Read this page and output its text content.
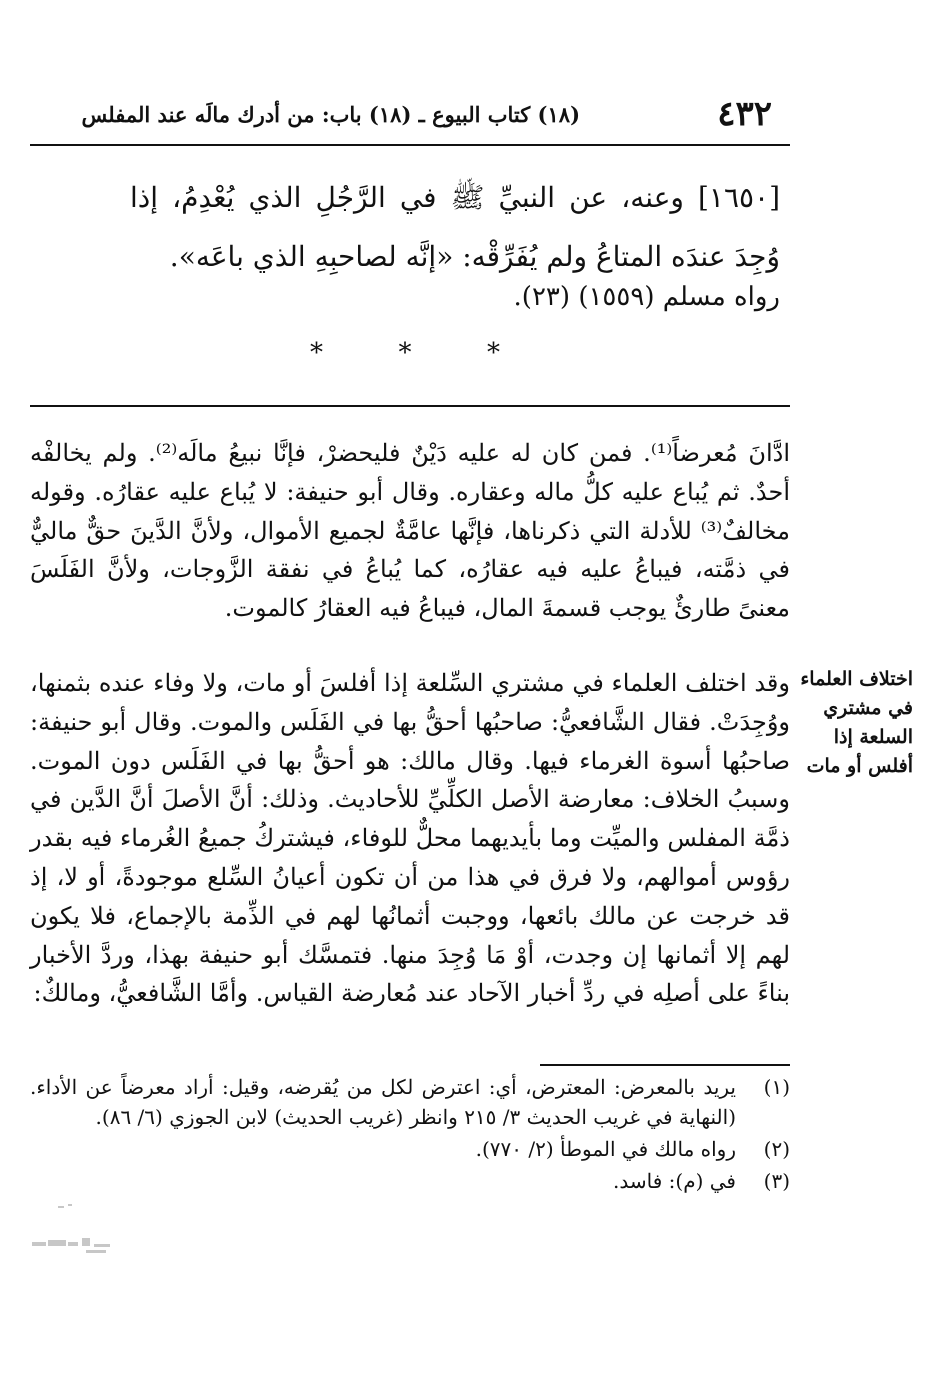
٤٣٢
(١٨) كتاب البيوع ـ (١٨) باب: من أدرك مالَه عند المفلس

[١٦٥٠] وعنه، عن النبيِّ ﷺ في الرَّجُلِ الذي يُعْدِمُ، إذا وُجِدَ عندَه المتاعُ ولم يُفَرِّقْه: «إنَّه لصاحبِهِ الذي باعَه».

رواه مسلم (١٥٥٩) (٢٣).
*	*	*

ادَّانَ مُعرضاً⁽¹⁾. فمن كان له عليه دَيْنٌ فليحضرْ، فإنَّا نبيعُ مالَه⁽²⁾. ولم يخالفْه أحدٌ. ثم يُباع عليه كلُّ ماله وعقاره. وقال أبو حنيفة: لا يُباع عليه عقارُه. وقوله مخالفٌ⁽³⁾ للأدلة التي ذكرناها، فإنَّها عامَّةٌ لجميع الأموال، ولأنَّ الدَّينَ حقٌّ ماليٌّ في ذمَّته، فيباعُ عليه فيه عقارُه، كما يُباعُ في نفقة الزَّوجات، ولأنَّ الفَلَسَ معنىً طارئٌ يوجب قسمةَ المال، فيباعُ فيه العقارُ كالموت.

اختلاف العلماء في مشتري السلعة إذا أفلس أو مات

وقد اختلف العلماء في مشتري السِّلعة إذا أفلسَ أو مات، ولا وفاء عنده بثمنها، ووُجِدَتْ. فقال الشَّافعيُّ: صاحبُها أحقُّ بها في الفَلَس والموت. وقال أبو حنيفة: صاحبُها أسوة الغرماء فيها. وقال مالك: هو أحقُّ بها في الفَلَس دون الموت. وسببُ الخلاف: معارضة الأصل الكلِّيِّ للأحاديث. وذلك: أنَّ الأصلَ أنَّ الدَّين في ذمَّة المفلس والميِّت وما بأيديهما محلٌّ للوفاء، فيشتركُ جميعُ الغُرماء فيه بقدر رؤوس أموالهم، ولا فرق في هذا من أن تكون أعيانُ السِّلع موجودةً، أو لا، إذ قد خرجت عن مالك بائعها، ووجبت أثمانُها لهم في الذِّمة بالإجماع، فلا يكون لهم إلا أثمانها إن وجدت، أوْ مَا وُجِدَ منها. فتمسَّك أبو حنيفة بهذا، وردَّ الأخبار بناءً على أصلِه في ردِّ أخبار الآحاد عند مُعارضة القياس. وأمَّا الشَّافعيُّ، ومالكٌ:

(١)
يريد بالمعرض: المعترض، أي: اعترض لكل من يُقرضه، وقيل: أراد معرضاً عن الأداء. (النهاية في غريب الحديث ٣/ ٢١٥ وانظر (غريب الحديث) لابن الجوزي (٦/ ٨٦).
(٢)
رواه مالك في الموطأ (٢/ ٧٧٠).
(٣)
في (م): فاسد.
